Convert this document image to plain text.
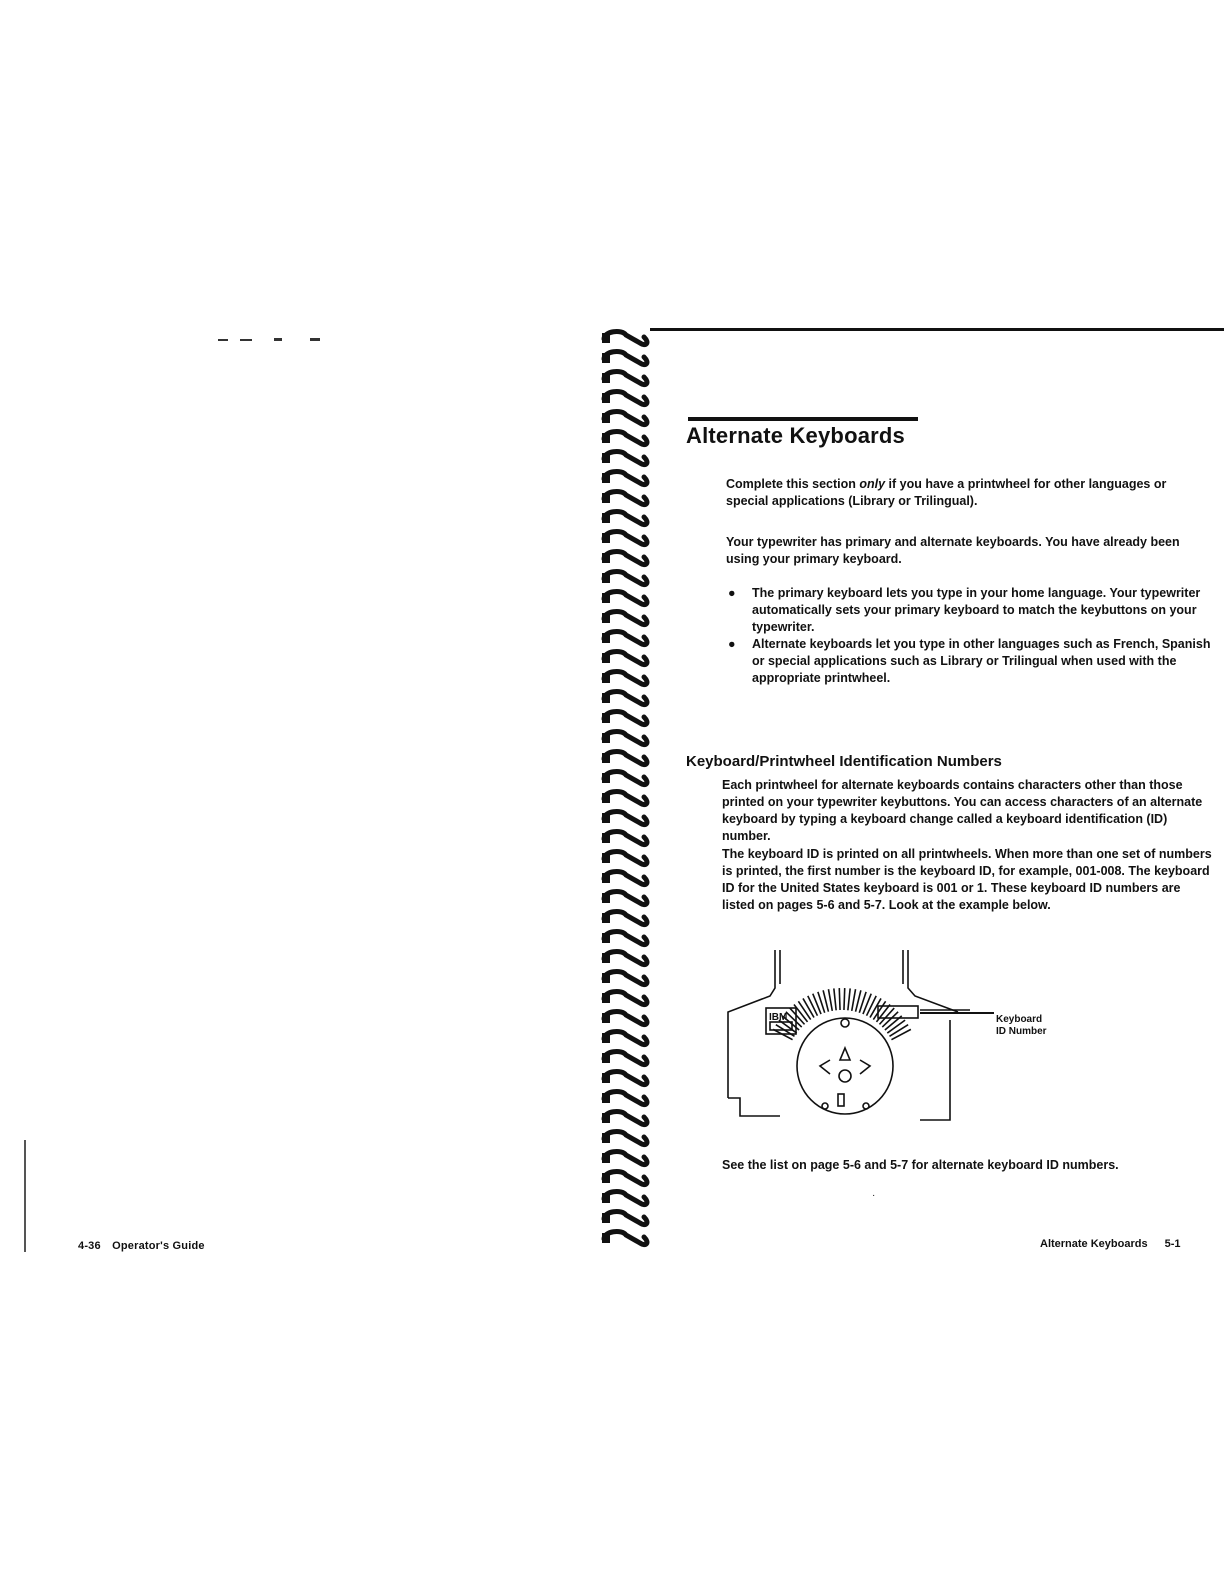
4-36 Operator's Guide
Alternate Keyboards
Complete this section only if you have a printwheel for other languages or special applications (Library or Trilingual).
Your typewriter has primary and alternate keyboards. You have already been using your primary keyboard.
● The primary keyboard lets you type in your home language. Your typewriter automatically sets your primary keyboard to match the keybuttons on your typewriter.
● Alternate keyboards let you type in other languages such as French, Spanish or special applications such as Library or Trilingual when used with the appropriate printwheel.
Keyboard/Printwheel Identification Numbers
Each printwheel for alternate keyboards contains characters other than those printed on your typewriter keybuttons. You can access characters of an alternate keyboard by typing a keyboard change called a keyboard identification (ID) number.
The keyboard ID is printed on all printwheels. When more than one set of numbers is printed, the first number is the keyboard ID, for example, 001-008. The keyboard ID for the United States keyboard is 001 or 1. These keyboard ID numbers are listed on pages 5-6 and 5-7. Look at the example below.
IBM	Keyboard
ID Number
See the list on page 5-6 and 5-7 for alternate keyboard ID numbers.
·
Alternate Keyboards 5-1
